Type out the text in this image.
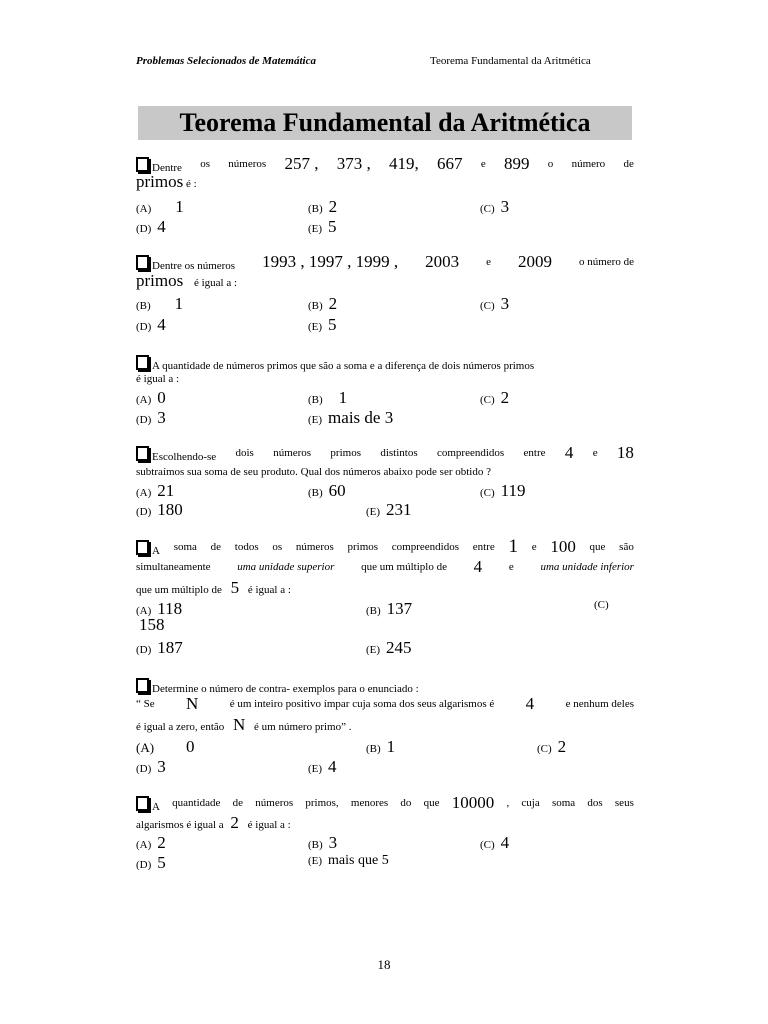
Problemas Selecionados de Matemática	Teorema Fundamental da Aritmética
Teorema Fundamental da Aritmética
Dentre os números 257 , 373 , 419, 667 e 899 o número de
primos é :
(A) 1	(B) 2	(C) 3
(D) 4	(E) 5
Dentre os números 1993 , 1997 , 1999 , 2003 e 2009 o número de
primos é igual a :
(B) 1	(B) 2	(C) 3
(D) 4	(E) 5
A quantidade de números primos que são a soma e a diferença de dois números primos
é igual a :
(A) 0	(B) 1	(C) 2
(D) 3	(E) mais de 3
Escolhendo-se dois números primos distintos compreendidos entre 4 e 18
subtraímos sua soma de seu produto. Qual dos números abaixo pode ser obtido ?
(A) 21	(B) 60	(C) 119
(D) 180	(E) 231
A soma de todos os números primos compreendidos entre 1 e 100 que são
simultaneamente uma unidade superior que um múltiplo de 4 e uma unidade inferior
que um múltiplo de 5 é igual a :
(A) 118	(B) 137	(C)
158
(D) 187	(E) 245
Determine o número de contra- exemplos para o enunciado :
“ Se N	é um inteiro positivo ímpar cuja soma dos seus algarismos é 4	e nenhum deles
é igual a zero, então N é um número primo” .
(A) 0	(B) 1	(C) 2
(D) 3	(E) 4
A quantidade de números primos, menores do que 10000 , cuja soma dos seus
algarismos é igual a 2 é igual a :
(A) 2	(B) 3	(C) 4
(D) 5	(E) mais que 5
18
